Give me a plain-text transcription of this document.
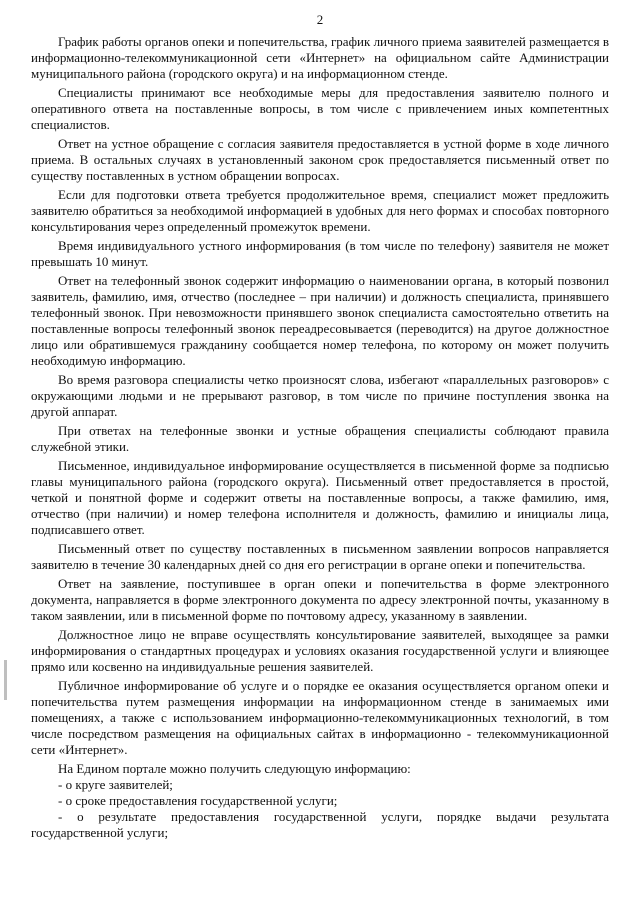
2

График работы органов опеки и попечительства, график личного приема заявителей размещается в информационно-телекоммуникационной сети «Интернет» на официальном сайте Администрации муниципального района (городского округа) и на информационном стенде.

Специалисты принимают все необходимые меры для предоставления заявителю полного и оперативного ответа на поставленные вопросы, в том числе с привлечением иных компетентных специалистов.

Ответ на устное обращение с согласия заявителя предоставляется в устной форме в ходе личного приема. В остальных случаях в установленный законом срок предоставляется письменный ответ по существу поставленных в устном обращении вопросах.

Если для подготовки ответа требуется продолжительное время, специалист может предложить заявителю обратиться за необходимой информацией в удобных для него формах и способах повторного консультирования через определенный промежуток времени.

Время индивидуального устного информирования (в том числе по телефону) заявителя не может превышать 10 минут.

Ответ на телефонный звонок содержит информацию о наименовании органа, в который позвонил заявитель, фамилию, имя, отчество (последнее – при наличии) и должность специалиста, принявшего телефонный звонок. При невозможности принявшего звонок специалиста самостоятельно ответить на поставленные вопросы телефонный звонок переадресовывается (переводится) на другое должностное лицо или обратившемуся гражданину сообщается номер телефона, по которому он может получить необходимую информацию.

Во время разговора специалисты четко произносят слова, избегают «параллельных разговоров» с окружающими людьми и не прерывают разговор, в том числе по причине поступления звонка на другой аппарат.

При ответах на телефонные звонки и устные обращения специалисты соблюдают правила служебной этики.

Письменное, индивидуальное информирование осуществляется в письменной форме за подписью главы муниципального района (городского округа). Письменный ответ предоставляется в простой, четкой и понятной форме и содержит ответы на поставленные вопросы, а также фамилию, имя, отчество (при наличии) и номер телефона исполнителя и должность, фамилию и инициалы лица, подписавшего ответ.

Письменный ответ по существу поставленных в письменном заявлении вопросов направляется заявителю в течение 30 календарных дней со дня его регистрации в органе опеки и попечительства.

Ответ на заявление, поступившее в орган опеки и попечительства в форме электронного документа, направляется в форме электронного документа по адресу электронной почты, указанному в таком заявлении, или в письменной форме по почтовому адресу, указанному в заявлении.

Должностное лицо не вправе осуществлять консультирование заявителей, выходящее за рамки информирования о стандартных процедурах и условиях оказания государственной услуги и влияющее прямо или косвенно на индивидуальные решения заявителей.

Публичное информирование об услуге и о порядке ее оказания осуществляется органом опеки и попечительства путем размещения информации на информационном стенде в занимаемых ими помещениях, а также с использованием информационно-телекоммуникационных технологий, в том числе посредством размещения на официальных сайтах в информационно - телекоммуникационной сети «Интернет».

На Едином портале можно получить следующую информацию:

- о круге заявителей;

- о сроке предоставления государственной услуги;

- о результате предоставления государственной услуги, порядке выдачи результата государственной услуги;
